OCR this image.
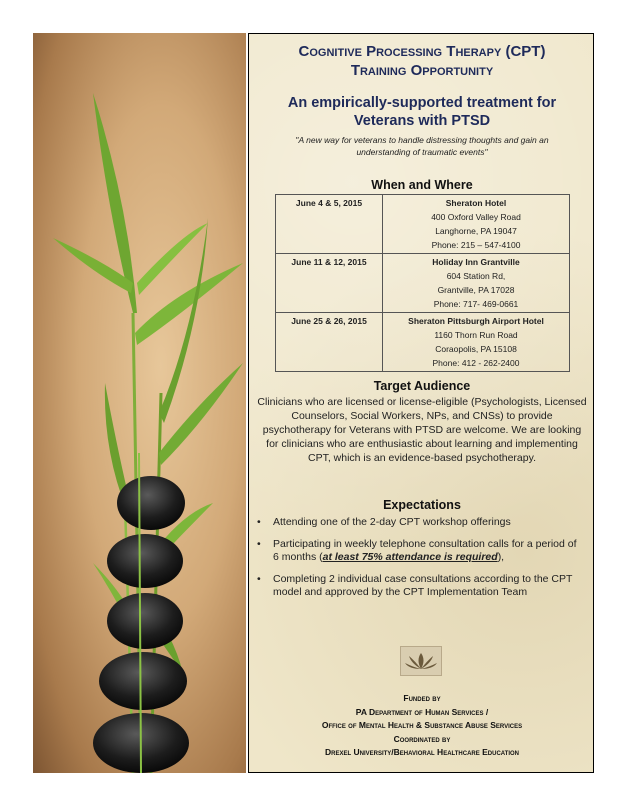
Cognitive Processing Therapy (CPT)
Training Opportunity
An empirically-supported treatment for
Veterans with PTSD
"A new way for veterans to handle distressing thoughts and gain an understanding of traumatic events"
When and Where
June 4 & 5, 2015	Sheraton Hotel
400 Oxford Valley Road
Langhorne, PA 19047
Phone: 215 – 547-4100

June 11 & 12, 2015	Holiday Inn Grantville
604 Station Rd,
Grantville, PA 17028
Phone: 717- 469-0661

June 25 & 26, 2015	Sheraton Pittsburgh Airport Hotel
1160 Thorn Run Road
Coraopolis, PA 15108
Phone: 412 - 262-2400
Target Audience
Clinicians who are licensed or license-eligible (Psychologists, Licensed Counselors, Social Workers, NPs, and CNSs) to provide psychotherapy for Veterans with PTSD are welcome. We are looking for clinicians who are enthusiastic about learning and implementing CPT, which is an evidence-based psychotherapy.
Expectations
• Attending one of the 2-day CPT workshop offerings
• Participating in weekly telephone consultation calls for a period of 6 months (at least 75% attendance is required),
• Completing 2 individual case consultations according to the CPT model and approved by the CPT Implementation Team
Funded by
PA Department of Human Services /
Office of Mental Health & Substance Abuse Services
Coordinated by
Drexel University/Behavioral Healthcare Education
